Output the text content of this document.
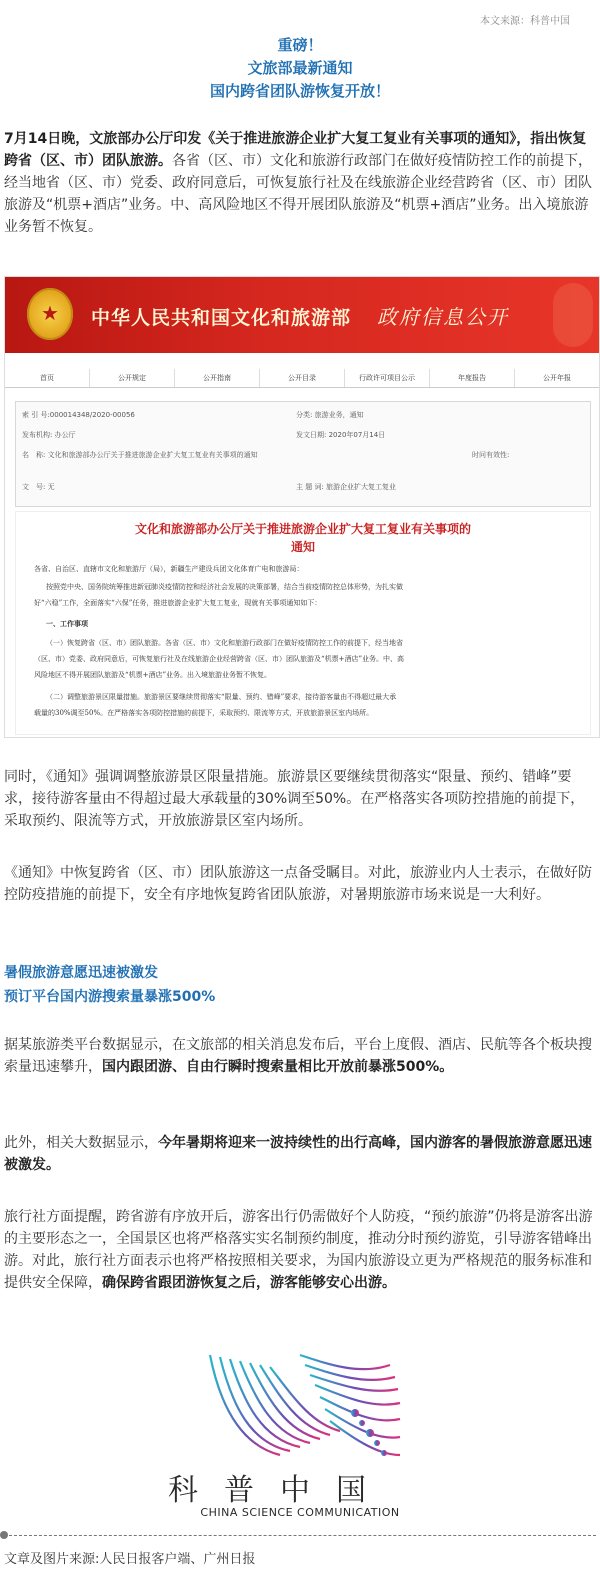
本文来源：科普中国
重磅！
文旅部最新通知
国内跨省团队游恢复开放！
7月14日晚，文旅部办公厅印发《关于推进旅游企业扩大复工复业有关事项的通知》，指出恢复跨省（区、市）团队旅游。各省（区、市）文化和旅游行政部门在做好疫情防控工作的前提下，经当地省（区、市）党委、政府同意后，可恢复旅行社及在线旅游企业经营跨省（区、市）团队旅游及“机票+酒店”业务。中、高风险地区不得开展团队旅游及“机票+酒店”业务。出入境旅游业务暂不恢复。
★	中华人民共和国文化和旅游部 政府信息公开
首页	公开规定	公开指南	公开目录	行政许可项目公示	年度报告	公开年报
索 引 号:000014348/2020-00056	分类: 旅游业务，通知
发布机构: 办公厅	发文日期: 2020年07月14日
名　称: 文化和旅游部办公厅关于推进旅游企业扩大复工复业有关事项的通知	时问有效性:
文　号: 无	主 题 词: 旅游企业扩大复工复业
文化和旅游部办公厅关于推进旅游企业扩大复工复业有关事项的
通知
各省、自治区、直辖市文化和旅游厅（局），新疆生产建设兵团文化体育广电和旅游局：
按照党中央、国务院统筹推进新冠肺炎疫情防控和经济社会发展的决策部署，结合当前疫情防控总体形势，为扎实做
好“六稳”工作，全面落实“六保”任务，推进旅游企业扩大复工复业，现就有关事项通知如下：
一、工作事项
（一）恢复跨省（区、市）团队旅游。各省（区、市）文化和旅游行政部门在做好疫情防控工作的前提下，经当地省
（区、市）党委、政府同意后，可恢复旅行社及在线旅游企业经营跨省（区、市）团队旅游及“机票+酒店”业务。中、高
风险地区不得开展团队旅游及“机票+酒店”业务。出入境旅游业务暂不恢复。
（二）调整旅游景区限量措施。旅游景区要继续贯彻落实“限量、预约、错峰”要求，接待游客量由不得超过最大承
载量的30%调至50%。在严格落实各项防控措施的前提下，采取预约、限流等方式，开放旅游景区室内场所。
同时，《通知》强调调整旅游景区限量措施。旅游景区要继续贯彻落实“限量、预约、错峰”要求，接待游客量由不得超过最大承载量的30%调至50%。在严格落实各项防控措施的前提下，采取预约、限流等方式，开放旅游景区室内场所。
《通知》中恢复跨省（区、市）团队旅游这一点备受瞩目。对此，旅游业内人士表示，在做好防控防疫措施的前提下，安全有序地恢复跨省团队旅游，对暑期旅游市场来说是一大利好。
暑假旅游意愿迅速被激发
预订平台国内游搜索量暴涨500%
据某旅游类平台数据显示，在文旅部的相关消息发布后，平台上度假、酒店、民航等各个板块搜索量迅速攀升，国内跟团游、自由行瞬时搜索量相比开放前暴涨500%。
此外，相关大数据显示，今年暑期将迎来一波持续性的出行高峰，国内游客的暑假旅游意愿迅速被激发。
旅行社方面提醒，跨省游有序放开后，游客出行仍需做好个人防疫，“预约旅游”仍将是游客出游的主要形态之一，全国景区也将严格落实实名制预约制度，推动分时预约游览，引导游客错峰出游。对此，旅行社方面表示也将严格按照相关要求，为国内旅游设立更为严格规范的服务标准和提供安全保障，确保跨省跟团游恢复之后，游客能够安心出游。
科普中国
CHINA SCIENCE COMMUNICATION
文章及图片来源:人民日报客户端、广州日报
